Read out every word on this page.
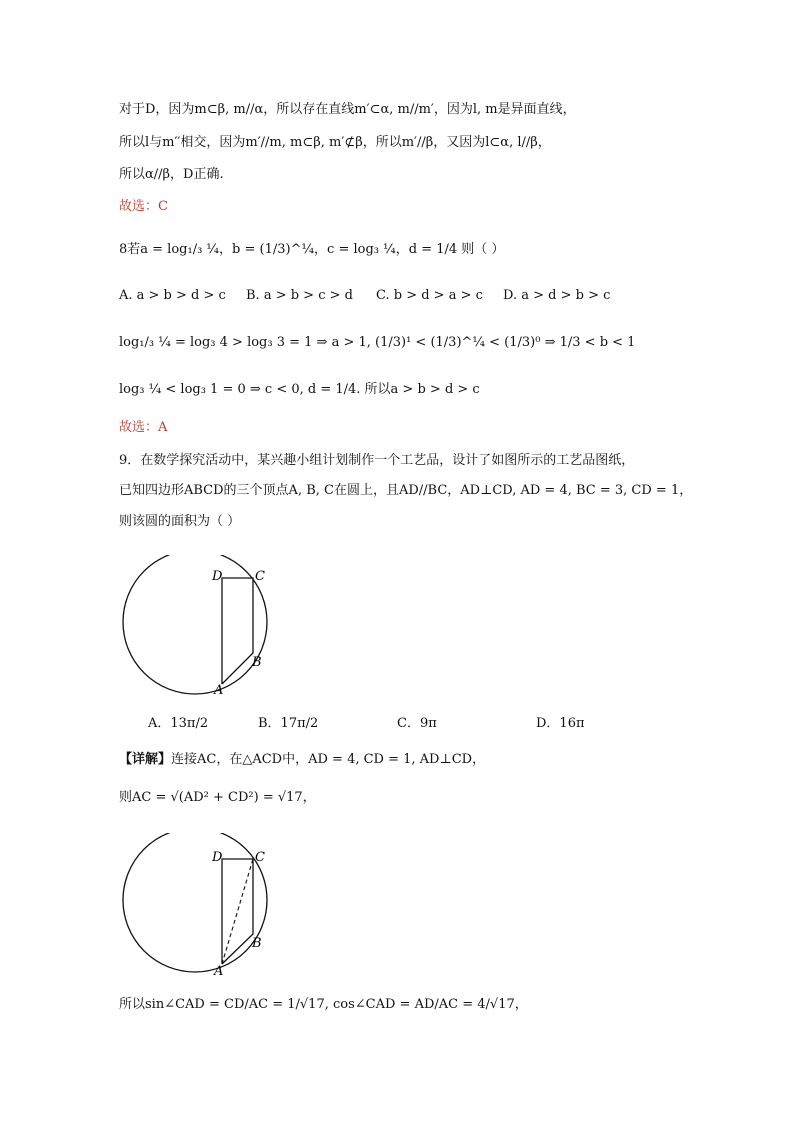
对于D，因为m⊂β, m//α，所以存在直线m′⊂α, m//m′，因为l, m是异面直线，
所以l与m′′相交，因为m′//m, m⊂β, m′⊄β，所以m′//β，又因为l⊂α, l//β，
所以α//β，D正确.
故选：C
8若a = log₁/₃ ¼，b = (1/3)^¼，c = log₃ ¼，d = 1/4 则（ ）
A. a > b > d > c B. a > b > c > d C. b > d > a > c D. a > d > b > c
log₁/₃ ¼ = log₃ 4 > log₃ 3 = 1 ⇒ a > 1, (1/3)¹ < (1/3)^¼ < (1/3)⁰ ⇒ 1/3 < b < 1
log₃ ¼ < log₃ 1 = 0 ⇒ c < 0, d = 1/4. 所以a > b > d > c
故选：A
9．在数学探究活动中，某兴趣小组计划制作一个工艺品，设计了如图所示的工艺品图纸，
已知四边形ABCD的三个顶点A, B, C在圆上，且AD//BC，AD⊥CD, AD = 4, BC = 3, CD = 1，
则该圆的面积为（ ）
D	C
B
A
A．13π/2	B．17π/2	C．9π	D．16π
【详解】连接AC，在△ACD中，AD = 4, CD = 1, AD⊥CD，
则AC = √(AD² + CD²) = √17，
D	C
B
A
所以sin∠CAD = CD/AC = 1/√17, cos∠CAD = AD/AC = 4/√17，
